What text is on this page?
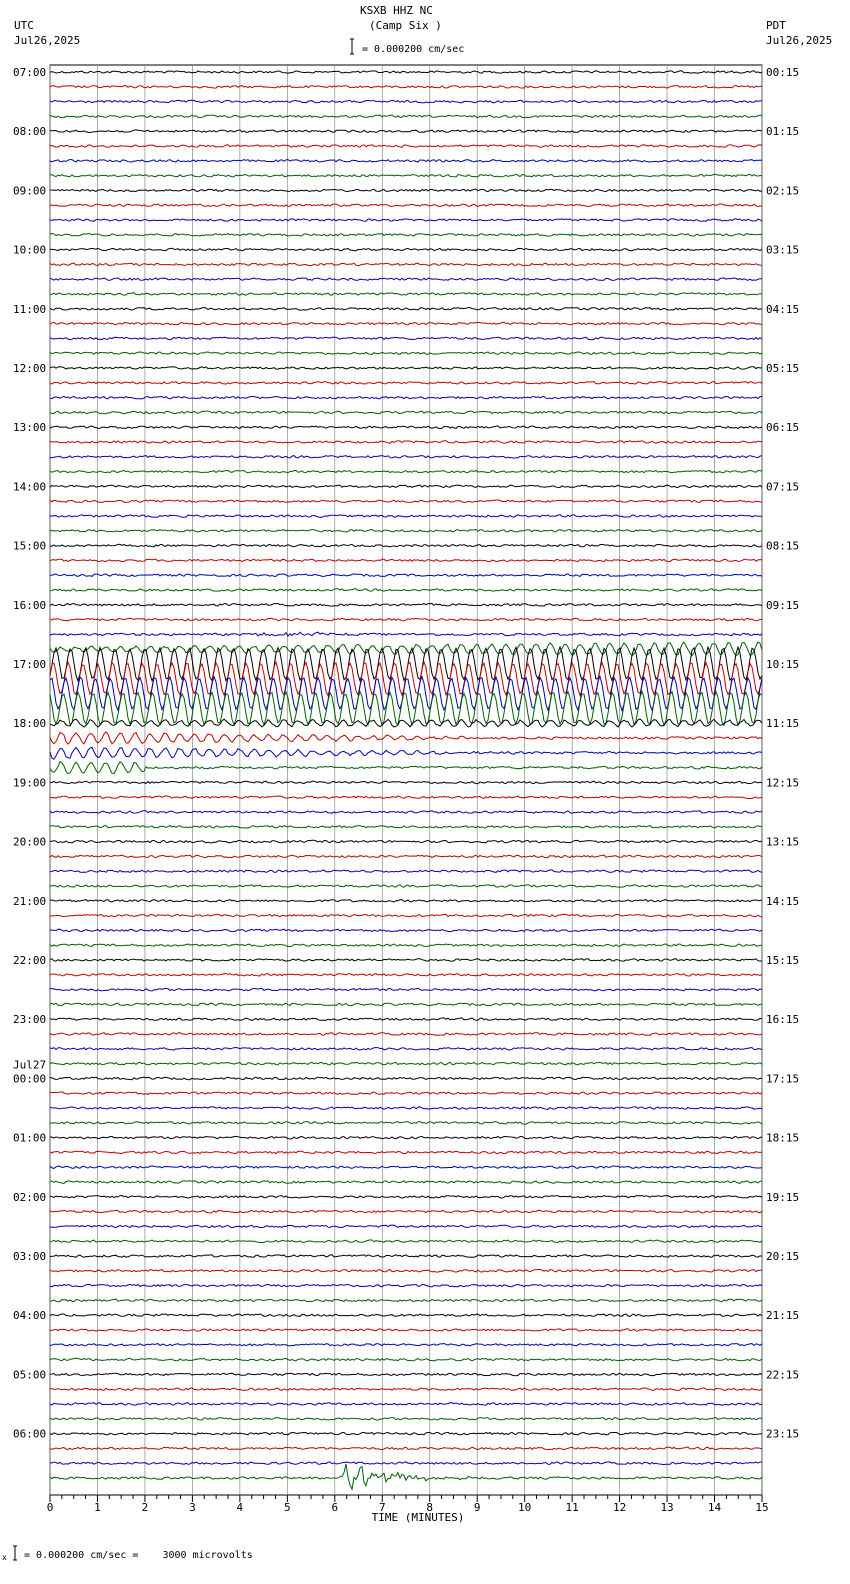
KSXB HHZ NC
(Camp Six )
UTC
Jul26,2025
PDT
Jul26,2025
= 0.000200 cm/sec
= 0.000200 cm/sec =    3000 microvolts
x
0	1	2	3	4	5	6	7	8	9	10	11	12	13	14	15
TIME (MINUTES)
07:00
08:00
09:00
10:00
11:00
12:00
13:00
14:00
15:00
16:00
17:00
18:00
19:00
20:00
21:00
22:00
23:00
00:00
Jul27
01:00
02:00
03:00
04:00
05:00
06:00
00:15
01:15
02:15
03:15
04:15
05:15
06:15
07:15
08:15
09:15
10:15
11:15
12:15
13:15
14:15
15:15
16:15
17:15
18:15
19:15
20:15
21:15
22:15
23:15
